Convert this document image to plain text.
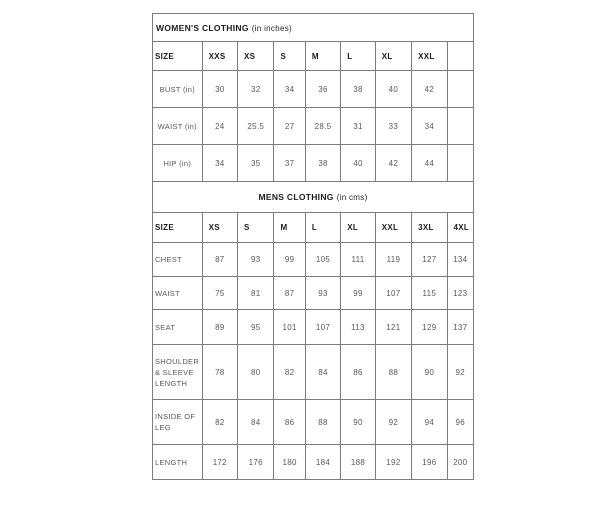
WOMEN'S CLOTHING (in inches)								
SIZE	XXS	XS	S	M	L	XL	XXL	
BUST (in)	30	32	34	36	38	40	42	
WAIST (in)	24	25.5	27	28.5	31	33	34	
HIP (in)	34	35	37	38	40	42	44	
MENS CLOTHING (in cms)								
SIZE	XS	S	M	L	XL	XXL	3XL	4XL
CHEST	87	93	99	105	111	119	127	134
WAIST	75	81	87	93	99	107	115	123
SEAT	89	95	101	107	113	121	129	137
SHOULDER & SLEEVE LENGTH	78	80	82	84	86	88	90	92
INSIDE OF LEG	82	84	86	88	90	92	94	96
LENGTH	172	176	180	184	188	192	196	200
